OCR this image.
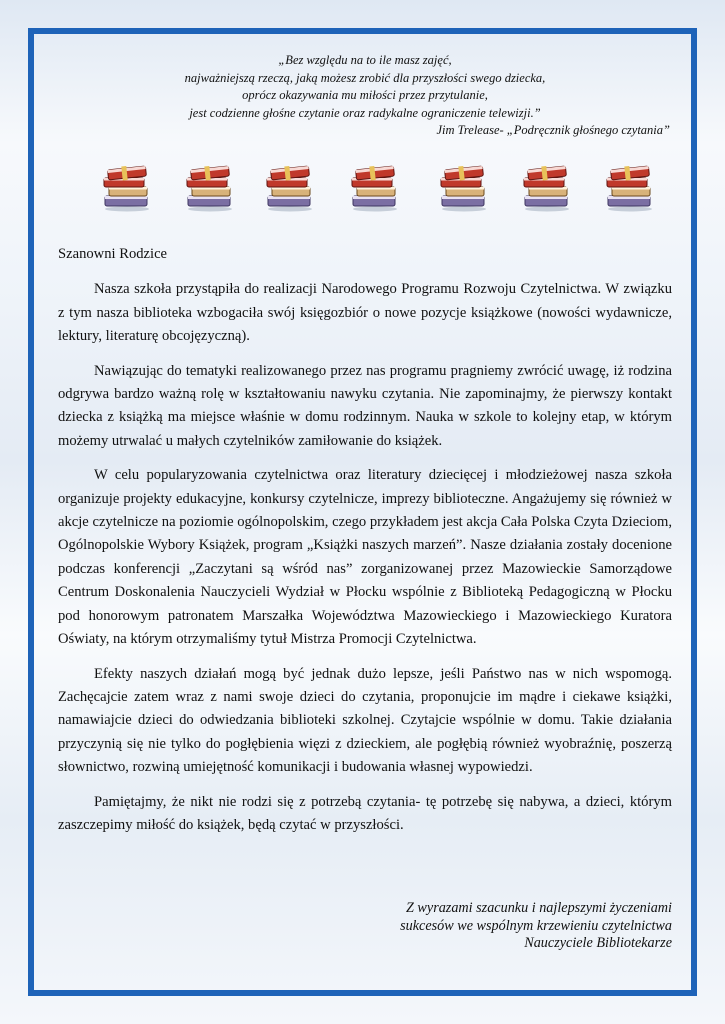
„Bez względu na to ile masz zajęć,
najważniejszą rzeczą, jaką możesz zrobić dla przyszłości swego dziecka,
oprócz okazywania mu miłości przez przytulanie,
jest codzienne głośne czytanie oraz radykalne ograniczenie telewizji.”
Jim Trelease- „Podręcznik głośnego czytania”
Szanowni Rodzice

Nasza szkoła przystąpiła do realizacji Narodowego Programu Rozwoju Czytelnictwa. W związku z tym nasza biblioteka wzbogaciła swój księgozbiór o nowe pozycje książkowe (nowości wydawnicze, lektury, literaturę obcojęzyczną).

Nawiązując do tematyki realizowanego przez nas programu pragniemy zwrócić uwagę, iż rodzina odgrywa bardzo ważną rolę w kształtowaniu nawyku czytania. Nie zapominajmy, że pierwszy kontakt dziecka z książką ma miejsce właśnie w domu rodzinnym. Nauka w szkole to kolejny etap, w którym możemy utrwalać u małych czytelników zamiłowanie do książek.

W celu popularyzowania czytelnictwa oraz literatury dziecięcej i młodzieżowej nasza szkoła organizuje projekty edukacyjne, konkursy czytelnicze, imprezy biblioteczne. Angażujemy się również w akcje czytelnicze na poziomie ogólnopolskim, czego przykładem jest akcja Cała Polska Czyta Dzieciom, Ogólnopolskie Wybory Książek, program „Książki naszych marzeń”. Nasze działania zostały docenione podczas konferencji „Zaczytani są wśród nas” zorganizowanej przez Mazowieckie Samorządowe Centrum Doskonalenia Nauczycieli Wydział w Płocku wspólnie z Biblioteką Pedagogiczną w Płocku pod honorowym patronatem Marszałka Województwa Mazowieckiego i Mazowieckiego Kuratora Oświaty, na którym otrzymaliśmy tytuł Mistrza Promocji Czytelnictwa.

Efekty naszych działań mogą być jednak dużo lepsze, jeśli Państwo nas w nich wspomogą. Zachęcajcie zatem wraz z nami swoje dzieci do czytania, proponujcie im mądre i ciekawe książki, namawiajcie dzieci do odwiedzania biblioteki szkolnej. Czytajcie wspólnie w domu. Takie działania przyczynią się nie tylko do pogłębienia więzi z dzieckiem, ale pogłębią również wyobraźnię, poszerzą słownictwo, rozwiną umiejętność komunikacji i budowania własnej wypowiedzi.

Pamiętajmy, że nikt nie rodzi się z potrzebą czytania- tę potrzebę się nabywa, a dzieci, którym zaszczepimy miłość do książek, będą czytać w przyszłości.

Z wyrazami szacunku i najlepszymi życzeniami
sukcesów we wspólnym krzewieniu czytelnictwa
Nauczyciele Bibliotekarze
